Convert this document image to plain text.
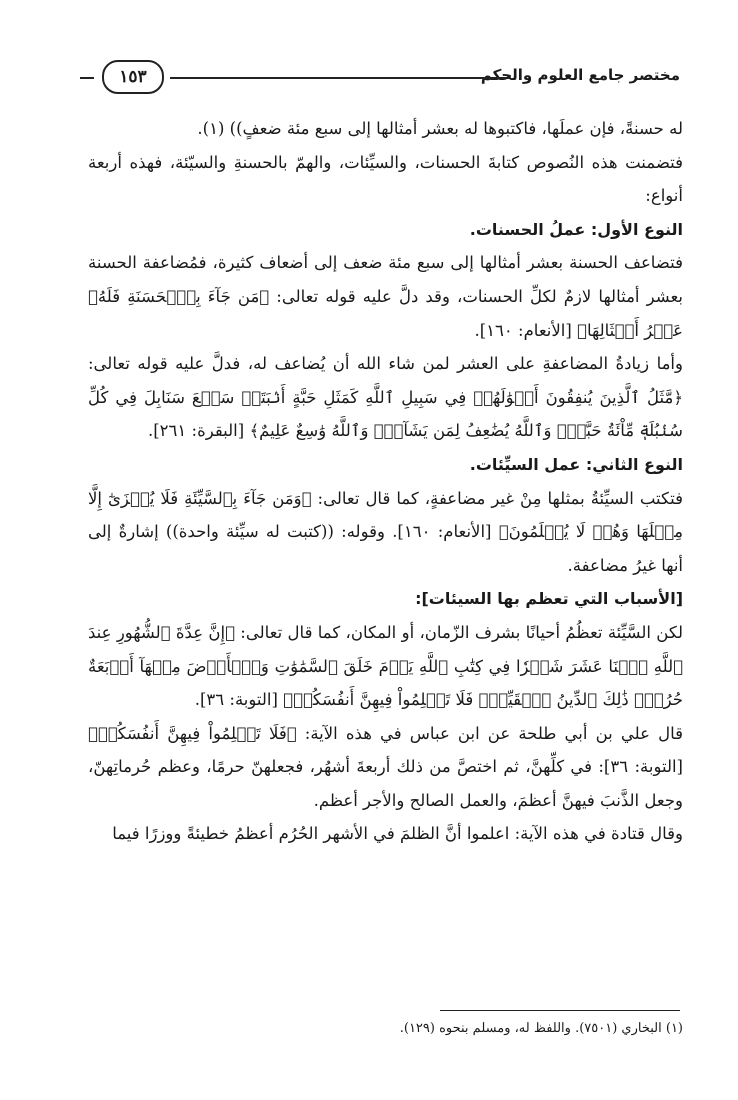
مختصر جامع العلوم والحكم
١٥٣

له حسنةً، فإن عملَها، فاكتبوها له بعشر أمثالها إلى سبع مئة ضعفٍ)) (١).

فتضمنت هذه النُصوص كتابةَ الحسنات، والسيِّئات، والهمّ بالحسنةِ والسيّئة، فهذه أربعة أنواع:

النوع الأول: عملُ الحسنات.

فتضاعف الحسنة بعشر أمثالها إلى سبع مئة ضعف إلى أضعاف كثيرة، فمُضاعفة الحسنة بعشر أمثالها لازمٌ لكلِّ الحسنات، وقد دلَّ عليه قوله تعالى: ﴿مَن جَآءَ بِٱلۡحَسَنَةِ فَلَهُۥ عَشۡرُ أَمۡثَالِهَا﴾ [الأنعام: ١٦٠].

وأما زيادةُ المضاعفةِ على العشر لمن شاء الله أن يُضاعف له، فدلَّ عليه قوله تعالى: ﴿مَّثَلُ ٱلَّذِينَ يُنفِقُونَ أَمۡوَٰلَهُمۡ فِي سَبِيلِ ٱللَّهِ كَمَثَلِ حَبَّةٍ أَنۢبَتَتۡ سَبۡعَ سَنَابِلَ فِي كُلِّ سُنۢبُلَةٖ مِّاْئَةُ حَبَّةٖۗ وَٱللَّهُ يُضَٰعِفُ لِمَن يَشَآءُۚ وَٱللَّهُ وَٰسِعٌ عَلِيمٌ﴾ [البقرة: ٢٦١].

النوع الثاني: عمل السيِّئات.

فتكتب السيِّئةُ بمثلها مِنْ غير مضاعفةٍ، كما قال تعالى: ﴿وَمَن جَآءَ بِٱلسَّيِّئَةِ فَلَا يُجۡزَىٰٓ إِلَّا مِثۡلَهَا وَهُمۡ لَا يُظۡلَمُونَ﴾ [الأنعام: ١٦٠]. وقوله: ((كتبت له سيِّئة واحدة)) إشارةٌ إلى أنها غيرُ مضاعفة.

[الأسباب التي تعظم بها السيئات]:

لكن السَّيِّئة تعظُمُ أحيانًا بشرف الزّمان، أو المكان، كما قال تعالى: ﴿إِنَّ عِدَّةَ ٱلشُّهُورِ عِندَ ٱللَّهِ ٱثۡنَا عَشَرَ شَهۡرٗا فِي كِتَٰبِ ٱللَّهِ يَوۡمَ خَلَقَ ٱلسَّمَٰوَٰتِ وَٱلۡأَرۡضَ مِنۡهَآ أَرۡبَعَةٌ حُرُمٞۚ ذَٰلِكَ ٱلدِّينُ ٱلۡقَيِّمُۚ فَلَا تَظۡلِمُواْ فِيهِنَّ أَنفُسَكُمۡ﴾ [التوبة: ٣٦].

قال علي بن أبي طلحة عن ابن عباس في هذه الآية: ﴿فَلَا تَظۡلِمُواْ فِيهِنَّ أَنفُسَكُمۡ﴾ [التوبة: ٣٦]: في كلِّهنَّ، ثم اختصَّ من ذلك أربعةَ أشهُر، فجعلهنّ حرمًا، وعظم حُرماتِهنّ، وجعل الذَّنبَ فيهنَّ أعظمَ، والعمل الصالح والأجر أعظم.

وقال قتادة في هذه الآية: اعلموا أنَّ الظلمَ في الأشهر الحُرُم أعظمُ خطيئةً ووزرًا فيما

(١) البخاري (٧٥٠١). واللفظ له، ومسلم بنحوه (١٢٩).
